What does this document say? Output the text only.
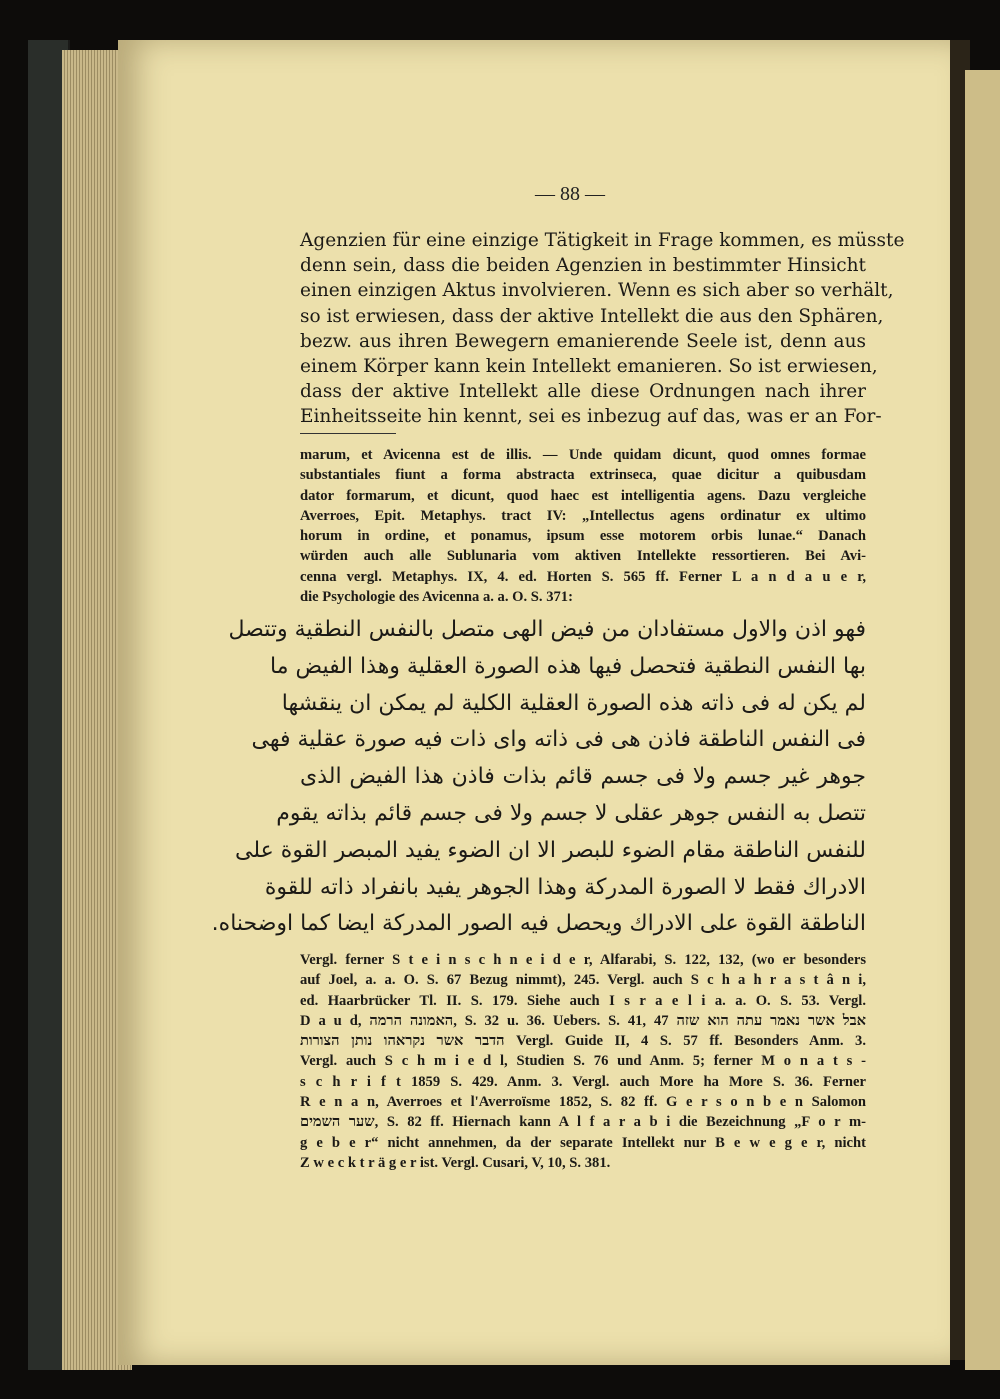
— 88 —
Agenzien für eine einzige Tätigkeit in Frage kommen, es müsste
denn sein, dass die beiden Agenzien in bestimmter Hinsicht
einen einzigen Aktus involvieren. Wenn es sich aber so verhält,
so ist erwiesen, dass der aktive Intellekt die aus den Sphären,
bezw. aus ihren Bewegern emanierende Seele ist, denn aus
einem Körper kann kein Intellekt emanieren. So ist erwiesen,
dass der aktive Intellekt alle diese Ordnungen nach ihrer
Einheitsseite hin kennt, sei es inbezug auf das, was er an For-
marum, et Avicenna est de illis. — Unde quidam dicunt, quod omnes formae
substantiales fiunt a forma abstracta extrinseca, quae dicitur a quibusdam
dator formarum, et dicunt, quod haec est intelligentia agens. Dazu vergleiche
Averroes, Epit. Metaphys. tract IV: „Intellectus agens ordinatur ex ultimo
horum in ordine, et ponamus, ipsum esse motorem orbis lunae.“ Danach
würden auch alle Sublunaria vom aktiven Intellekte ressortieren. Bei Avi-
cenna vergl. Metaphys. IX, 4. ed. Horten S. 565 ff. Ferner L a n d a u e r,
die Psychologie des Avicenna a. a. O. S. 371:
فهو اذن والاول مستفادان من فيض الهى متصل بالنفس النطقية وتتصل
بها النفس النطقية فتحصل فيها هذه الصورة العقلية وهذا الفيض ما
لم يكن له فى ذاته هذه الصورة العقلية الكلية لم يمكن ان ينقشها
فى النفس الناطقة فاذن هى فى ذاته واى ذات فيه صورة عقلية فهى
جوهر غير جسم ولا فى جسم قائم بذات فاذن هذا الفيض الذى
تتصل به النفس جوهر عقلى لا جسم ولا فى جسم قائم بذاته يقوم
للنفس الناطقة مقام الضوء للبصر الا ان الضوء يفيد المبصر القوة على
الادراك فقط لا الصورة المدركة وهذا الجوهر يفيد بانفراد ذاته للقوة
الناطقة القوة على الادراك ويحصل فيه الصور المدركة ايضا كما اوضحناه.
Vergl. ferner S t e i n s c h n e i d e r, Alfarabi, S. 122, 132, (wo er besonders
auf Joel, a. a. O. S. 67 Bezug nimmt), 245. Vergl. auch S c h a h r a s t â n i,
ed. Haarbrücker Tl. II. S. 179. Siehe auch I s r a e l i a. a. O. S. 53. Vergl.
D a u d, האמונה הרמה, S. 32 u. 36. Uebers. S. 41, 47 אבל אשר נאמר עתה הוא שזה
הדבר אשר נקראהו נותן הצורות Vergl. Guide II, 4 S. 57 ff. Besonders Anm. 3.
Vergl. auch S c h m i e d l, Studien S. 76 und Anm. 5; ferner M o n a t s -
s c h r i f t 1859 S. 429. Anm. 3. Vergl. auch More ha More S. 36. Ferner
R e n a n, Averroes et l'Averroïsme 1852, S. 82 ff. G e r s o n b e n Salomon
שער השמים, S. 82 ff. Hiernach kann A l f a r a b i die Bezeichnung „F o r m-
g e b e r“ nicht annehmen, da der separate Intellekt nur B e w e g e r, nicht
Z w e c k t r ä g e r ist. Vergl. Cusari, V, 10, S. 381.
